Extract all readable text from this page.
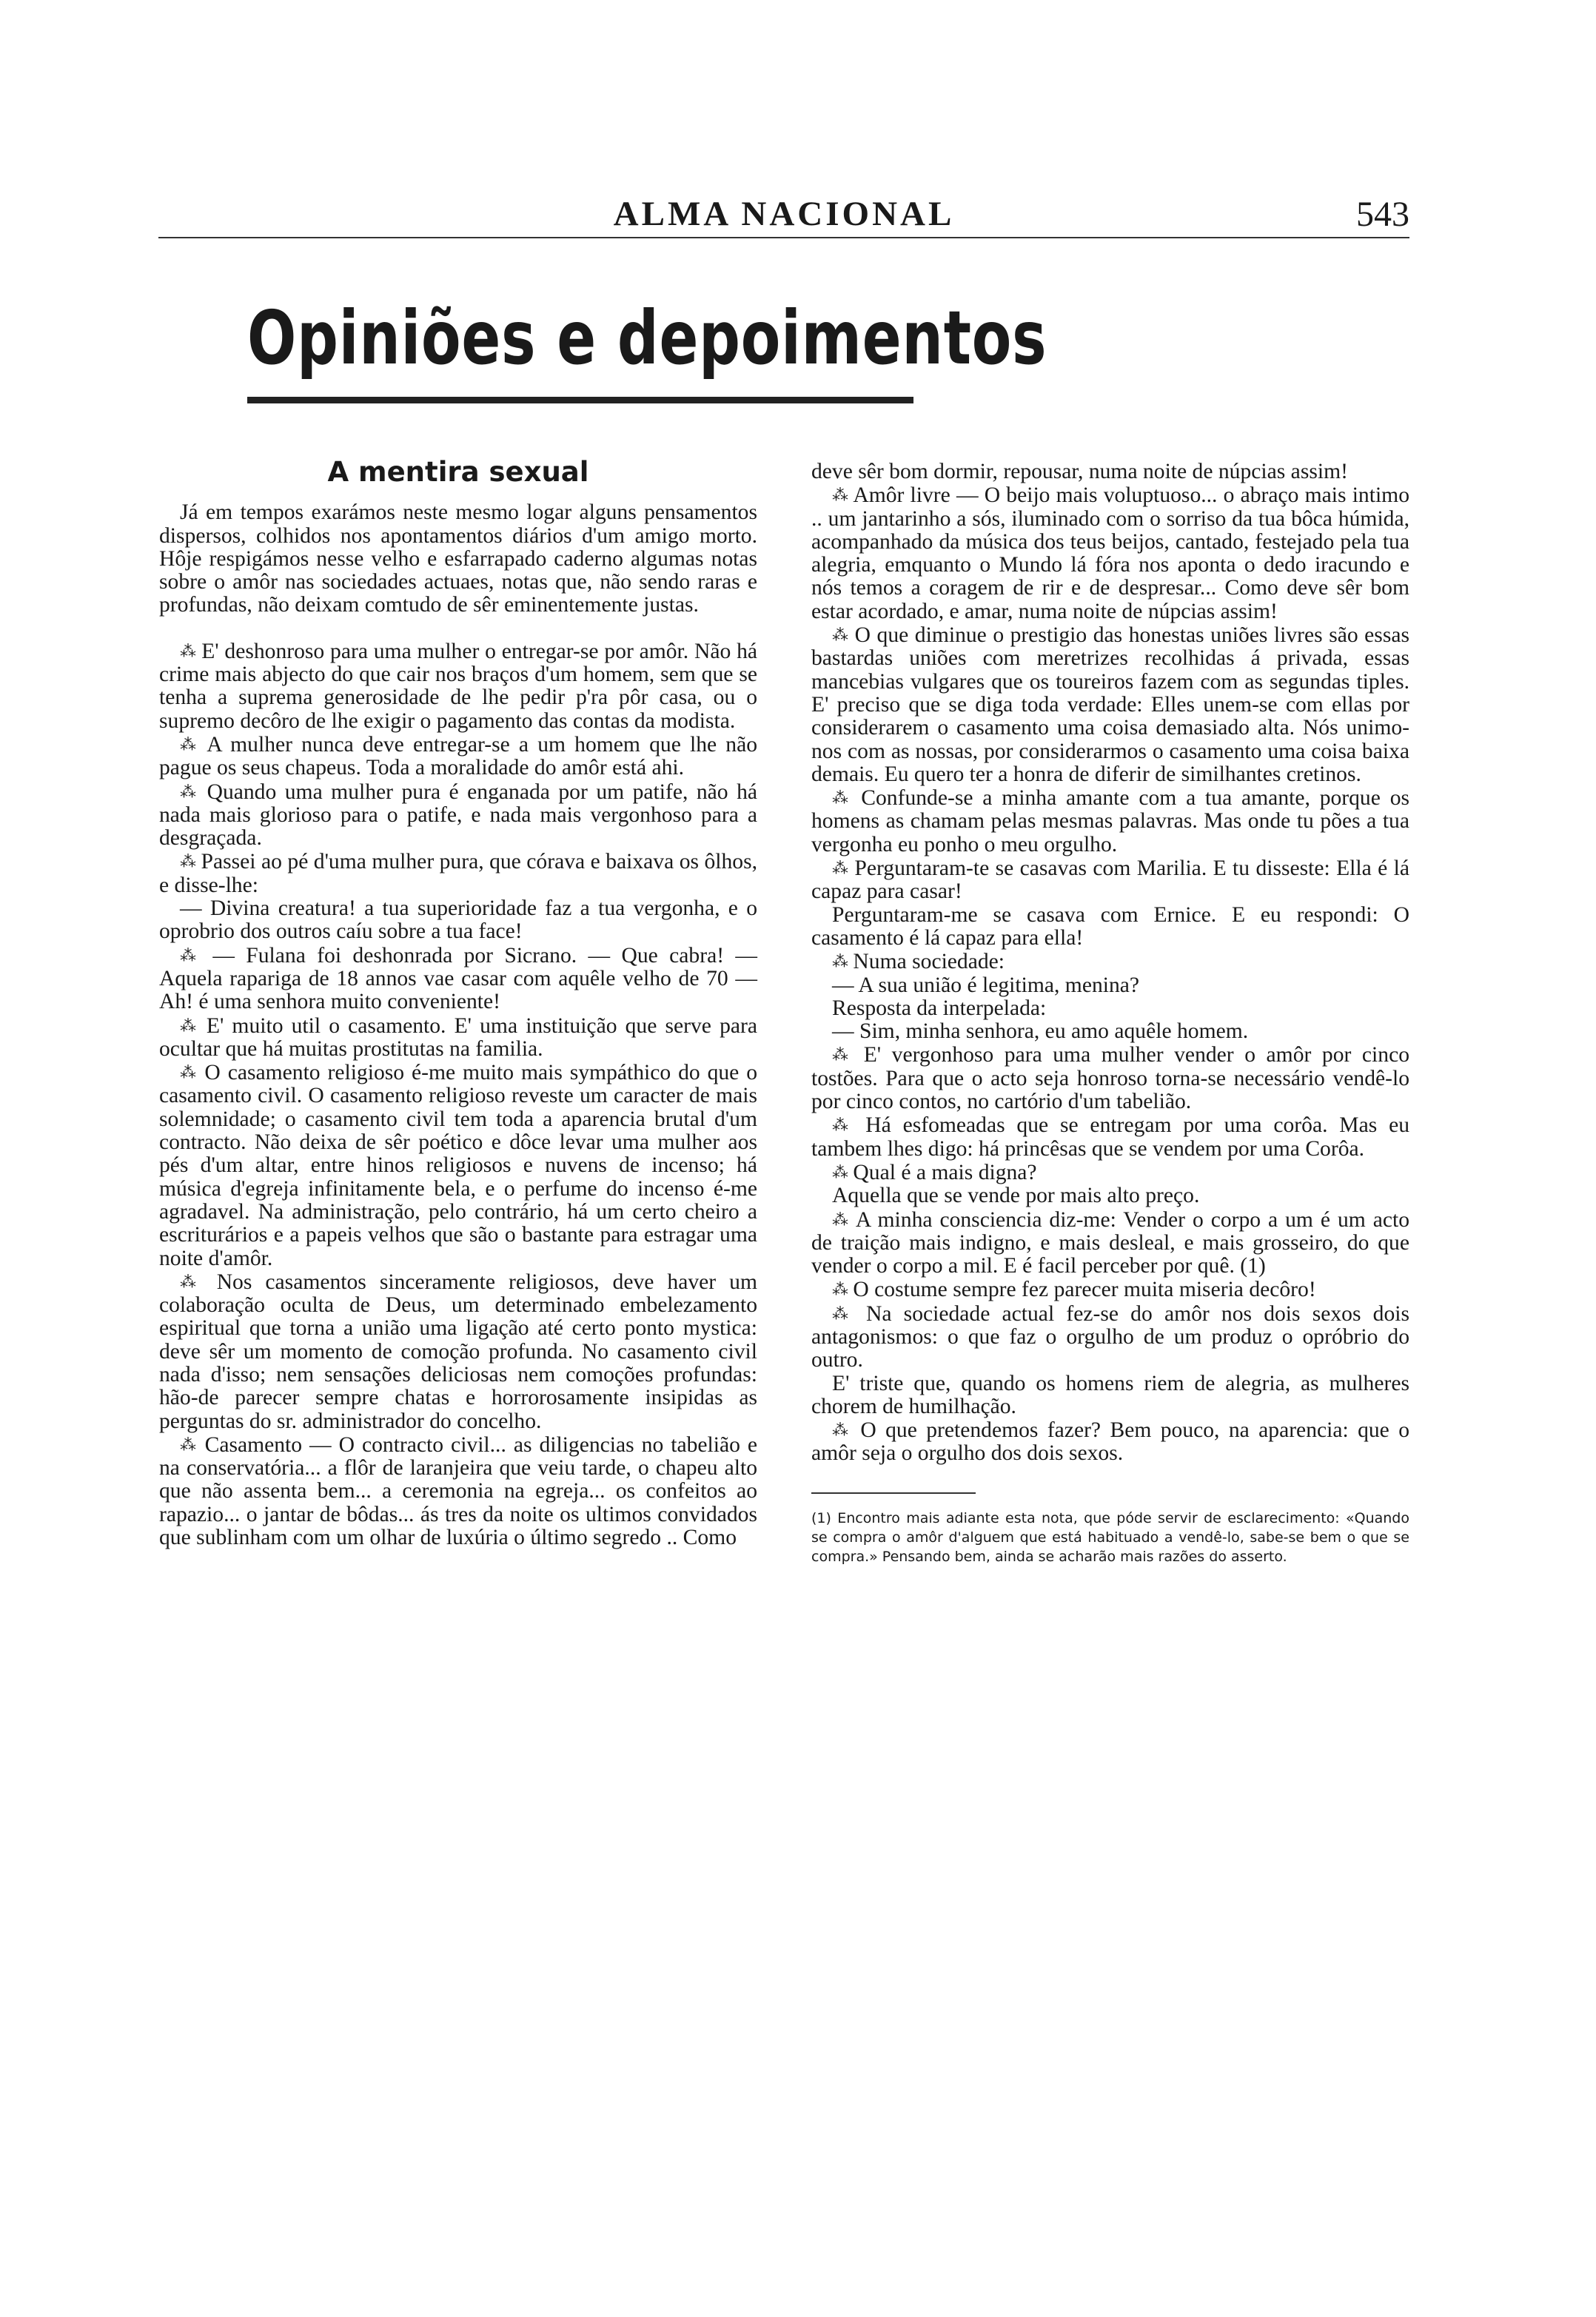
ALMA NACIONAL	543
Opiniões e depoimentos
A mentira sexual

Já em tempos exarámos neste mesmo logar alguns pensamentos dispersos, colhidos nos apontamentos diários d'um amigo morto. Hôje respigámos nesse velho e esfarrapado caderno algumas notas sobre o amôr nas sociedades actuaes, notas que, não sendo raras e profundas, não deixam comtudo de sêr eminentemente justas.

⁂ E' deshonroso para uma mulher o entregar-se por amôr. Não há crime mais abjecto do que cair nos braços d'um homem, sem que se tenha a suprema generosidade de lhe pedir p'ra pôr casa, ou o supremo decôro de lhe exigir o pagamento das contas da modista.

⁂ A mulher nunca deve entregar-se a um homem que lhe não pague os seus chapeus. Toda a moralidade do amôr está ahi.

⁂ Quando uma mulher pura é enganada por um patife, não há nada mais glorioso para o patife, e nada mais vergonhoso para a desgraçada.

⁂ Passei ao pé d'uma mulher pura, que córava e baixava os ôlhos, e disse-lhe:

— Divina creatura! a tua superioridade faz a tua vergonha, e o oprobrio dos outros caíu sobre a tua face!

⁂ — Fulana foi deshonrada por Sicrano. — Que cabra! — Aquela rapariga de 18 annos vae casar com aquêle velho de 70 — Ah! é uma senhora muito conveniente!

⁂ E' muito util o casamento. E' uma instituição que serve para ocultar que há muitas prostitutas na familia.

⁂ O casamento religioso é-me muito mais sympáthico do que o casamento civil. O casamento religioso reveste um caracter de mais solemnidade; o casamento civil tem toda a aparencia brutal d'um contracto. Não deixa de sêr poético e dôce levar uma mulher aos pés d'um altar, entre hinos religiosos e nuvens de incenso; há música d'egreja infinitamente bela, e o perfume do incenso é-me agradavel. Na administração, pelo contrário, há um certo cheiro a escriturários e a papeis velhos que são o bastante para estragar uma noite d'amôr.

⁂ Nos casamentos sinceramente religiosos, deve haver um colaboração oculta de Deus, um determinado embelezamento espiritual que torna a união uma ligação até certo ponto mystica: deve sêr um momento de comoção profunda. No casamento civil nada d'isso; nem sensações deliciosas nem comoções profundas: hão-de parecer sempre chatas e horrorosamente insipidas as perguntas do sr. administrador do concelho.

⁂ Casamento — O contracto civil... as diligencias no tabelião e na conservatória... a flôr de laranjeira que veiu tarde, o chapeu alto que não assenta bem... a ceremonia na egreja... os confeitos ao rapazio... o jantar de bôdas... ás tres da noite os ultimos convidados que sublinham com um olhar de luxúria o último segredo .. Como

deve sêr bom dormir, repousar, numa noite de núpcias assim!

⁂ Amôr livre — O beijo mais voluptuoso... o abraço mais intimo .. um jantarinho a sós, iluminado com o sorriso da tua bôca húmida, acompanhado da música dos teus beijos, cantado, festejado pela tua alegria, emquanto o Mundo lá fóra nos aponta o dedo iracundo e nós temos a coragem de rir e de despresar... Como deve sêr bom estar acordado, e amar, numa noite de núpcias assim!

⁂ O que diminue o prestigio das honestas uniões livres são essas bastardas uniões com meretrizes recolhidas á privada, essas mancebias vulgares que os toureiros fazem com as segundas tiples. E' preciso que se diga toda verdade: Elles unem-se com ellas por considerarem o casamento uma coisa demasiado alta. Nós unimo-nos com as nossas, por considerarmos o casamento uma coisa baixa demais. Eu quero ter a honra de diferir de similhantes cretinos.

⁂ Confunde-se a minha amante com a tua amante, porque os homens as chamam pelas mesmas palavras. Mas onde tu pões a tua vergonha eu ponho o meu orgulho.

⁂ Perguntaram-te se casavas com Marilia. E tu disseste: Ella é lá capaz para casar!

Perguntaram-me se casava com Ernice. E eu respondi: O casamento é lá capaz para ella!

⁂ Numa sociedade:

— A sua união é legitima, menina?

Resposta da interpelada:

— Sim, minha senhora, eu amo aquêle homem.

⁂ E' vergonhoso para uma mulher vender o amôr por cinco tostões. Para que o acto seja honroso torna-se necessário vendê-lo por cinco contos, no cartório d'um tabelião.

⁂ Há esfomeadas que se entregam por uma corôa. Mas eu tambem lhes digo: há princêsas que se vendem por uma Corôa.

⁂ Qual é a mais digna?

Aquella que se vende por mais alto preço.

⁂ A minha consciencia diz-me: Vender o corpo a um é um acto de traição mais indigno, e mais desleal, e mais grosseiro, do que vender o corpo a mil. E é facil perceber por quê. (1)

⁂ O costume sempre fez parecer muita miseria decôro!

⁂ Na sociedade actual fez-se do amôr nos dois sexos dois antagonismos: o que faz o orgulho de um produz o opróbrio do outro.

E' triste que, quando os homens riem de alegria, as mulheres chorem de humilhação.

⁂ O que pretendemos fazer? Bem pouco, na aparencia: que o amôr seja o orgulho dos dois sexos.

(1) Encontro mais adiante esta nota, que póde servir de esclarecimento: «Quando se compra o amôr d'alguem que está habituado a vendê-lo, sabe-se bem o que se compra.» Pensando bem, ainda se acharão mais razões do asserto.
